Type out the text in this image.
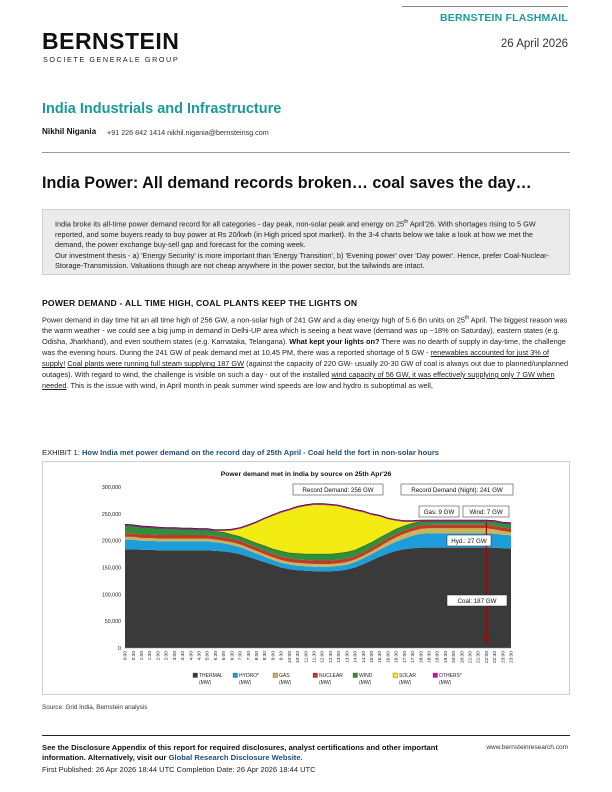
BERNSTEIN FLASHMAIL
26 April 2026
BERNSTEIN
SOCIETE GENERALE GROUP
India Industrials and Infrastructure
Nikhil Nigania +91 226 842 1414 nikhil.nigania@bernsteinsg.com
India Power: All demand records broken… coal saves the day…

India broke its all-time power demand record for all categories - day peak, non-solar peak and energy on 25th April'26. With shortages rising to 5 GW reported, and some buyers ready to buy power at Rs 20/kwh (in High priced spot market). In the 3-4 charts below we take a look at how we met the demand, the power exchange buy-sell gap and forecast for the coming week.

Our investment thesis - a) 'Energy Security' is more important than 'Energy Transition', b) 'Evening power' over 'Day power'. Hence, prefer Coal-Nuclear-Storage-Transmission. Valuations though are not cheap anywhere in the power sector, but the tailwinds are intact.

POWER DEMAND - ALL TIME HIGH, COAL PLANTS KEEP THE LIGHTS ON

Power demand in day time hit an all time high of 256 GW, a non-solar high of 241 GW and a day energy high of 5.6 Bn units on 25th April. The biggest reason was the warm weather - we could see a big jump in demand in Delhi-UP area which is seeing a heat wave (demand was up ~18% on Saturday), eastern states (e.g. Odisha, Jharkhand), and even southern states (e.g. Karnataka, Telangana). What kept your lights on? There was no dearth of supply in day-time, the challenge was the evening hours. During the 241 GW of peak demand met at 10.45 PM, there was a reported shortage of 5 GW - renewables accounted for just 3% of supply! Coal plants were running full steam supplying 187 GW (against the capacity of 220 GW- usually 20-30 GW of coal is always out due to planned/unplanned outages). With regard to wind, the challenge is visible on such a day - out of the installed wind capacity of 56 GW, it was effectively supplying only 7 GW when needed. This is the issue with wind, in April month in peak summer wind speeds are low and hydro is suboptimal as well,

EXHIBIT 1: How India met power demand on the record day of 25th April - Coal held the fort in non-solar hours
Power demand met in India by source on 25th Apr'26
0
50,000
100,000
150,000
200,000
250,000
300,000
0:00 0:30 1:00 1:30 2:00 2:30 3:00 3:30 4:00 4:30 5:00 5:30 6:00 6:30 7:00 7:30 8:00 8:30 9:00 9:30 10:00 10:30 11:00 11:30 12:00 12:30 13:00 13:30 14:00 14:30 15:00 15:30 16:00 16:30 17:00 17:30 18:00 18:30 19:00 19:30 20:00 20:30 21:00 21:30 22:00 22:30 23:00 23:30
Record Demand: 256 GW	Record Demand (Night): 241 GW
Gas: 9 GW Wind: 7 GW
Hyd.: 27 GW
Coal: 187 GW
THERMAL
(MW)
HYDRO*
(MW)
GAS
(MW)
NUCLEAR
(MW)
WIND
(MW)
SOLAR
(MW)
OTHERS*
(MW)
Source: Grid India, Bernstein analysis

See the Disclosure Appendix of this report for required disclosures, analyst certifications and other important information. Alternatively, visit our Global Research Disclosure Website.

First Published: 26 Apr 2026 18:44 UTC Completion Date: 26 Apr 2026 18:44 UTC
www.bernsteinresearch.com
